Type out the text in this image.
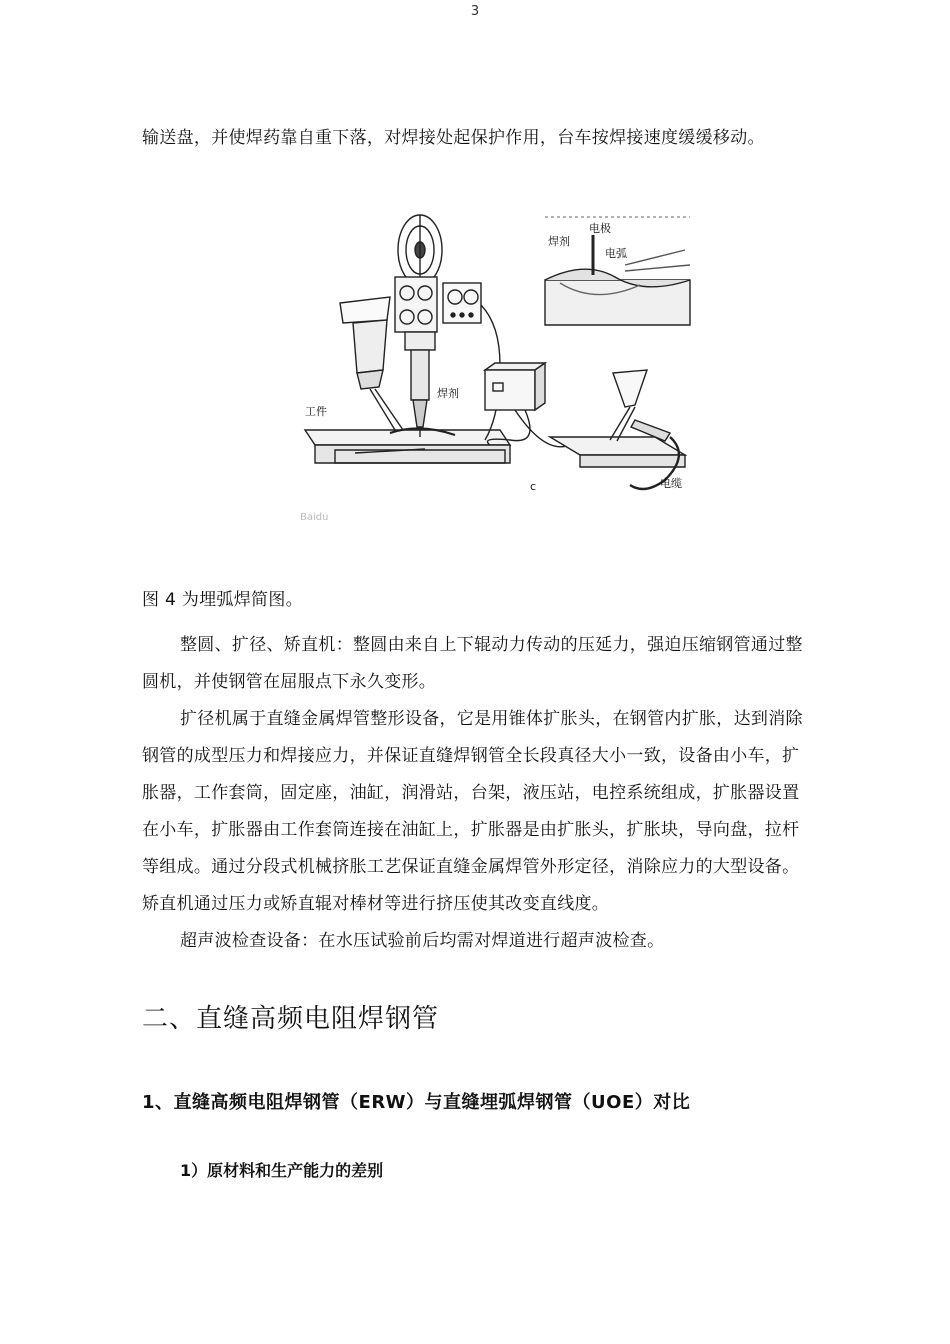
3

输送盘，并使焊药靠自重下落，对焊接处起保护作用，台车按焊接速度缓缓移动。

焊剂
电极
电弧
工件
焊剂
电缆
c
Baidu

图 4 为埋弧焊简图。

整圆、扩径、矫直机：整圆由来自上下辊动力传动的压延力，强迫压缩钢管通过整圆机，并使钢管在屈服点下永久变形。

扩径机属于直缝金属焊管整形设备，它是用锥体扩胀头，在钢管内扩胀，达到消除钢管的成型压力和焊接应力，并保证直缝焊钢管全长段真径大小一致，设备由小车，扩胀器，工作套筒，固定座，油缸，润滑站，台架，液压站，电控系统组成，扩胀器设置在小车，扩胀器由工作套筒连接在油缸上，扩胀器是由扩胀头，扩胀块，导向盘，拉杆等组成。通过分段式机械挤胀工艺保证直缝金属焊管外形定径，消除应力的大型设备。矫直机通过压力或矫直辊对棒材等进行挤压使其改变直线度。

超声波检查设备：在水压试验前后均需对焊道进行超声波检查。

二、直缝高频电阻焊钢管
1、直缝高频电阻焊钢管（ERW）与直缝埋弧焊钢管（UOE）对比
1）原材料和生产能力的差别
